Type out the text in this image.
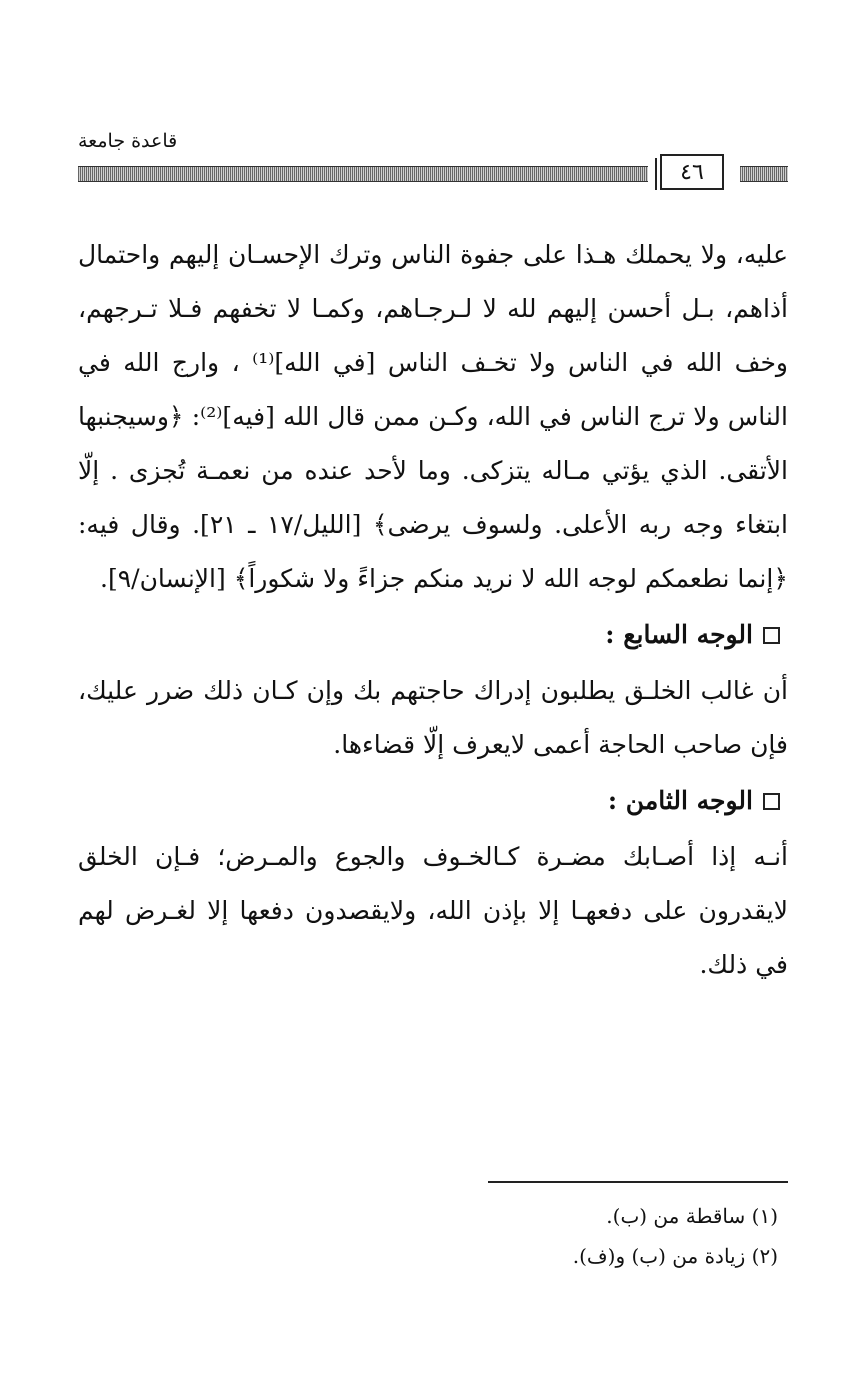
قاعدة جامعة
٤٦

عليه، ولا يحملك هـذا على جفوة الناس وترك الإحسـان إليهم واحتمال أذاهم، بـل أحسن إليهم لله لا لـرجـاهم، وكمـا لا تخفهم فـلا تـرجهم، وخف الله في الناس ولا تخـف الناس [في الله]⁽¹⁾ ، وارج الله في الناس ولا ترج الناس في الله، وكـن ممن قال الله [فيه]⁽²⁾: ﴿وسيجنبها الأتقى. الذي يؤتي مـاله يتزكى. وما لأحد عنده من نعمـة تُجزى . إلّا ابتغاء وجه ربه الأعلى. ولسوف يرضى﴾ [الليل/١٧ ـ ٢١]. وقال فيه: ﴿إنما نطعمكم لوجه الله لا نريد منكم جزاءً ولا شكوراً﴾ [الإنسان/٩].

الوجه السابع :

أن غالب الخلـق يطلبون إدراك حاجتهم بك وإن كـان ذلك ضرر عليك، فإن صاحب الحاجة أعمى لايعرف إلّا قضاءها.

الوجه الثامن :

أنـه إذا أصـابك مضـرة كـالخـوف والجوع والمـرض؛ فـإن الخلق لايقدرون على دفعهـا إلا بإذن الله، ولايقصدون دفعها إلا لغـرض لهم في ذلك.

(١) ساقطة من (ب).

(٢) زيادة من (ب) و(ف).
